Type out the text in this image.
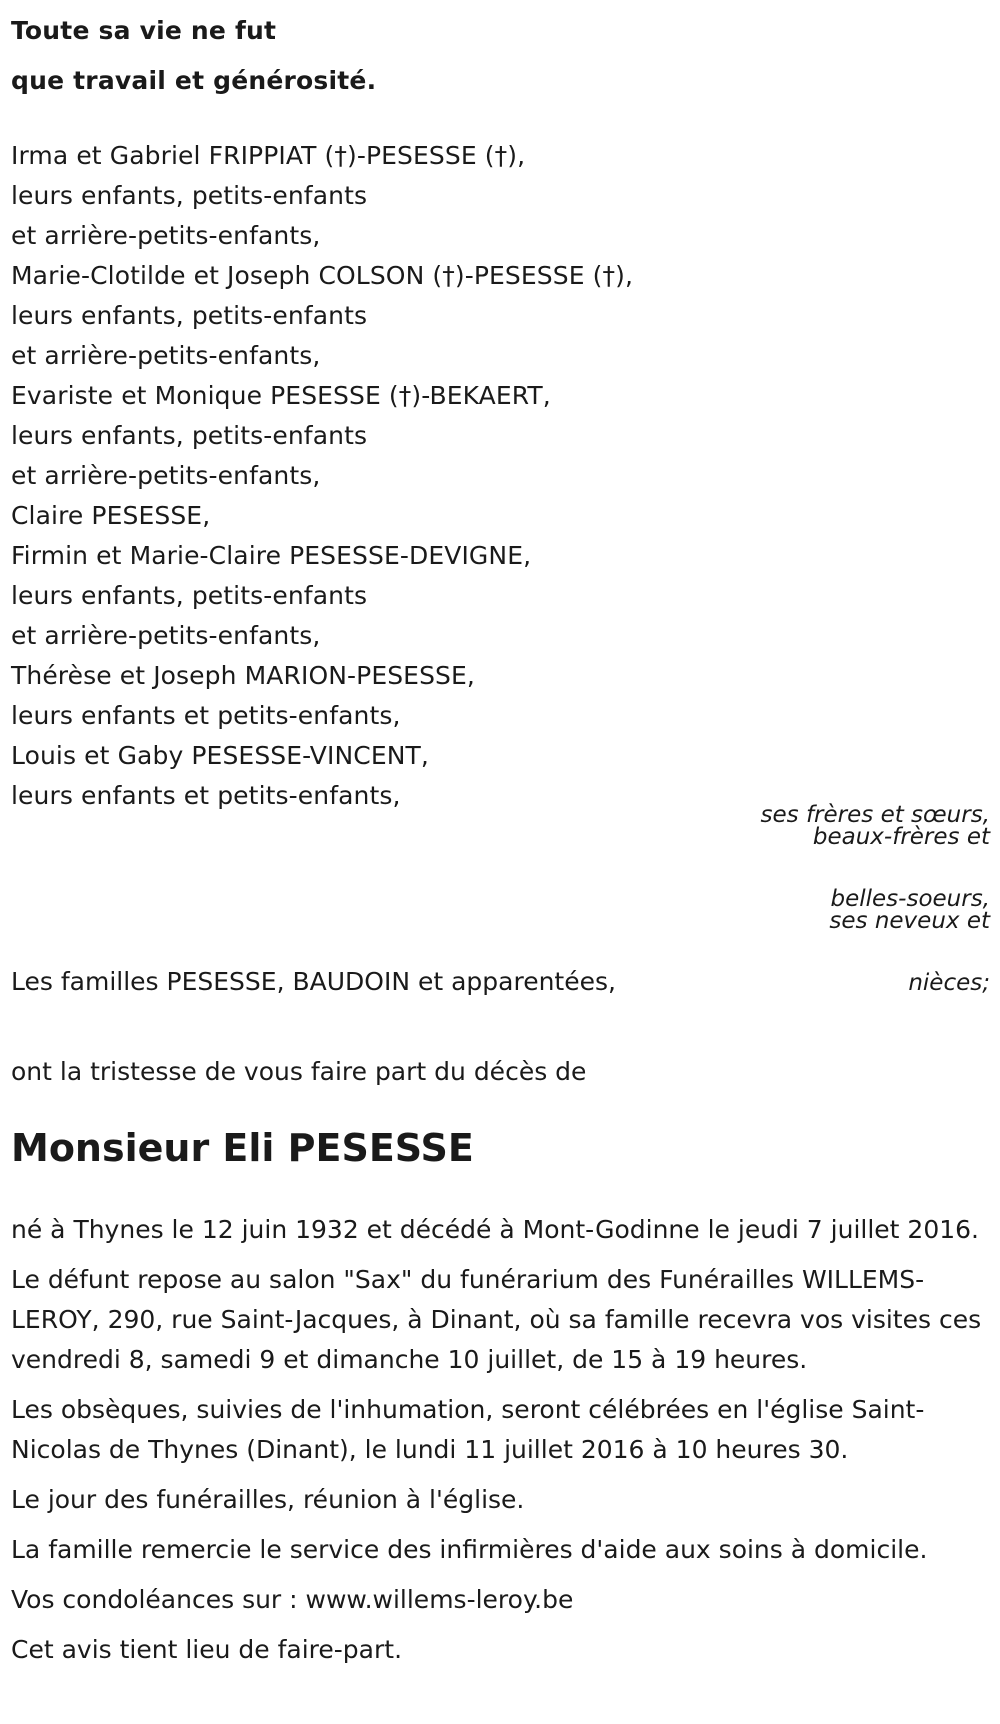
Toute sa vie ne fut
que travail et générosité.
Irma et Gabriel FRIPPIAT (†)-PESESSE (†),
leurs enfants, petits-enfants
et arrière-petits-enfants,
Marie-Clotilde et Joseph COLSON (†)-PESESSE (†),
leurs enfants, petits-enfants
et arrière-petits-enfants,
Evariste et Monique PESESSE (†)-BEKAERT,
leurs enfants, petits-enfants
et arrière-petits-enfants,
Claire PESESSE,
Firmin et Marie-Claire PESESSE-DEVIGNE,
leurs enfants, petits-enfants
et arrière-petits-enfants,
Thérèse et Joseph MARION-PESESSE,
leurs enfants et petits-enfants,
Louis et Gaby PESESSE-VINCENT,
leurs enfants et petits-enfants,
ses frères et sœurs,
beaux-frères et
belles-soeurs,
ses neveux et
nièces;
Les familles PESESSE, BAUDOIN et apparentées,
ont la tristesse de vous faire part du décès de
Monsieur Eli PESESSE

né à Thynes le 12 juin 1932 et décédé à Mont-Godinne le jeudi 7 juillet 2016.

Le défunt repose au salon "Sax" du funérarium des Funérailles WILLEMS-LEROY, 290, rue Saint-Jacques, à Dinant, où sa famille recevra vos visites ces vendredi 8, samedi 9 et dimanche 10 juillet, de 15 à 19 heures.

Les obsèques, suivies de l'inhumation, seront célébrées en l'église Saint-Nicolas de Thynes (Dinant), le lundi 11 juillet 2016 à 10 heures 30.

Le jour des funérailles, réunion à l'église.

La famille remercie le service des infirmières d'aide aux soins à domicile.

Vos condoléances sur : www.willems-leroy.be

Cet avis tient lieu de faire-part.
